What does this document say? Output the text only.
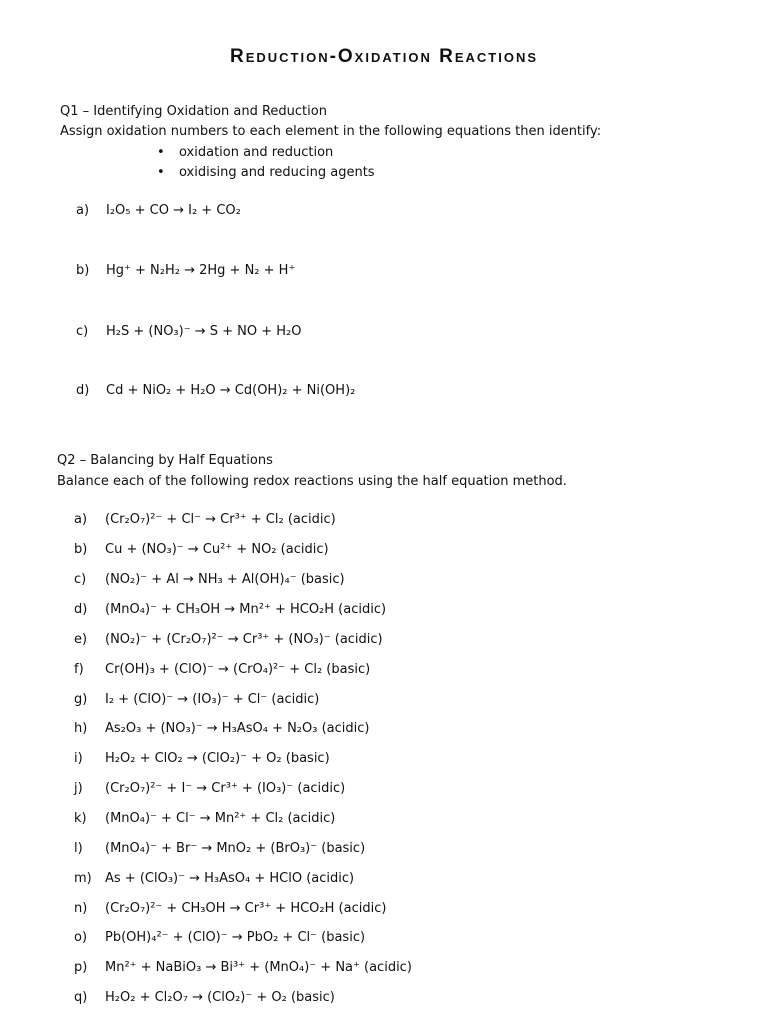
Reduction-Oxidation Reactions
Q1 – Identifying Oxidation and Reduction
Assign oxidation numbers to each element in the following equations then identify:
• oxidation and reduction
• oxidising and reducing agents
a) I₂O₅ + CO → I₂ + CO₂
b) Hg⁺ + N₂H₂ → 2Hg + N₂ + H⁺
c) H₂S + (NO₃)⁻ → S + NO + H₂O
d) Cd + NiO₂ + H₂O → Cd(OH)₂ + Ni(OH)₂
Q2 – Balancing by Half Equations
Balance each of the following redox reactions using the half equation method.
a) (Cr₂O₇)²⁻ + Cl⁻ → Cr³⁺ + Cl₂ (acidic)
b) Cu + (NO₃)⁻ → Cu²⁺ + NO₂ (acidic)
c) (NO₂)⁻ + Al → NH₃ + Al(OH)₄⁻ (basic)
d) (MnO₄)⁻ + CH₃OH → Mn²⁺ + HCO₂H (acidic)
e) (NO₂)⁻ + (Cr₂O₇)²⁻ → Cr³⁺ + (NO₃)⁻ (acidic)
f) Cr(OH)₃ + (ClO)⁻ → (CrO₄)²⁻ + Cl₂ (basic)
g) I₂ + (ClO)⁻ → (IO₃)⁻ + Cl⁻ (acidic)
h) As₂O₃ + (NO₃)⁻ → H₃AsO₄ + N₂O₃ (acidic)
i) H₂O₂ + ClO₂ → (ClO₂)⁻ + O₂ (basic)
j) (Cr₂O₇)²⁻ + I⁻ → Cr³⁺ + (IO₃)⁻ (acidic)
k) (MnO₄)⁻ + Cl⁻ → Mn²⁺ + Cl₂ (acidic)
l) (MnO₄)⁻ + Br⁻ → MnO₂ + (BrO₃)⁻ (basic)
m) As + (ClO₃)⁻ → H₃AsO₄ + HClO (acidic)
n) (Cr₂O₇)²⁻ + CH₃OH → Cr³⁺ + HCO₂H (acidic)
o) Pb(OH)₄²⁻ + (ClO)⁻ → PbO₂ + Cl⁻ (basic)
p) Mn²⁺ + NaBiO₃ → Bi³⁺ + (MnO₄)⁻ + Na⁺ (acidic)
q) H₂O₂ + Cl₂O₇ → (ClO₂)⁻ + O₂ (basic)
